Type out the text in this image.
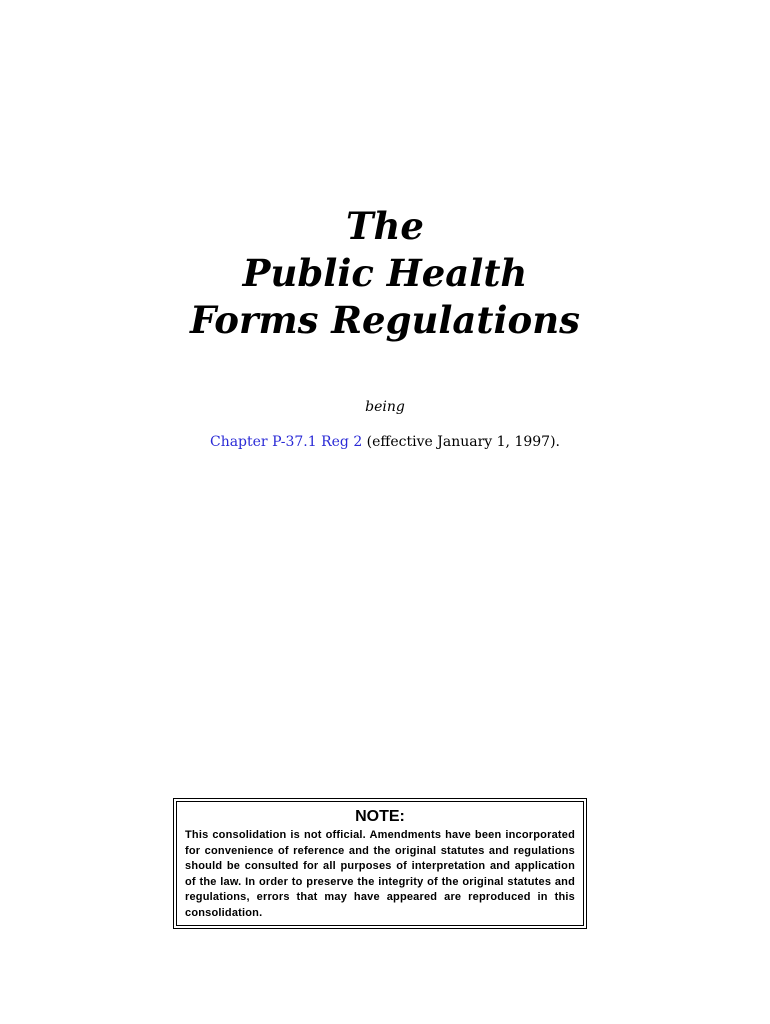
The
Public Health
Forms Regulations
being
Chapter P-37.1 Reg 2 (effective January 1, 1997).
NOTE:
This consolidation is not official. Amendments have been incorporated for convenience of reference and the original statutes and regulations should be consulted for all purposes of interpretation and application of the law. In order to preserve the integrity of the original statutes and regulations, errors that may have appeared are reproduced in this consolidation.
